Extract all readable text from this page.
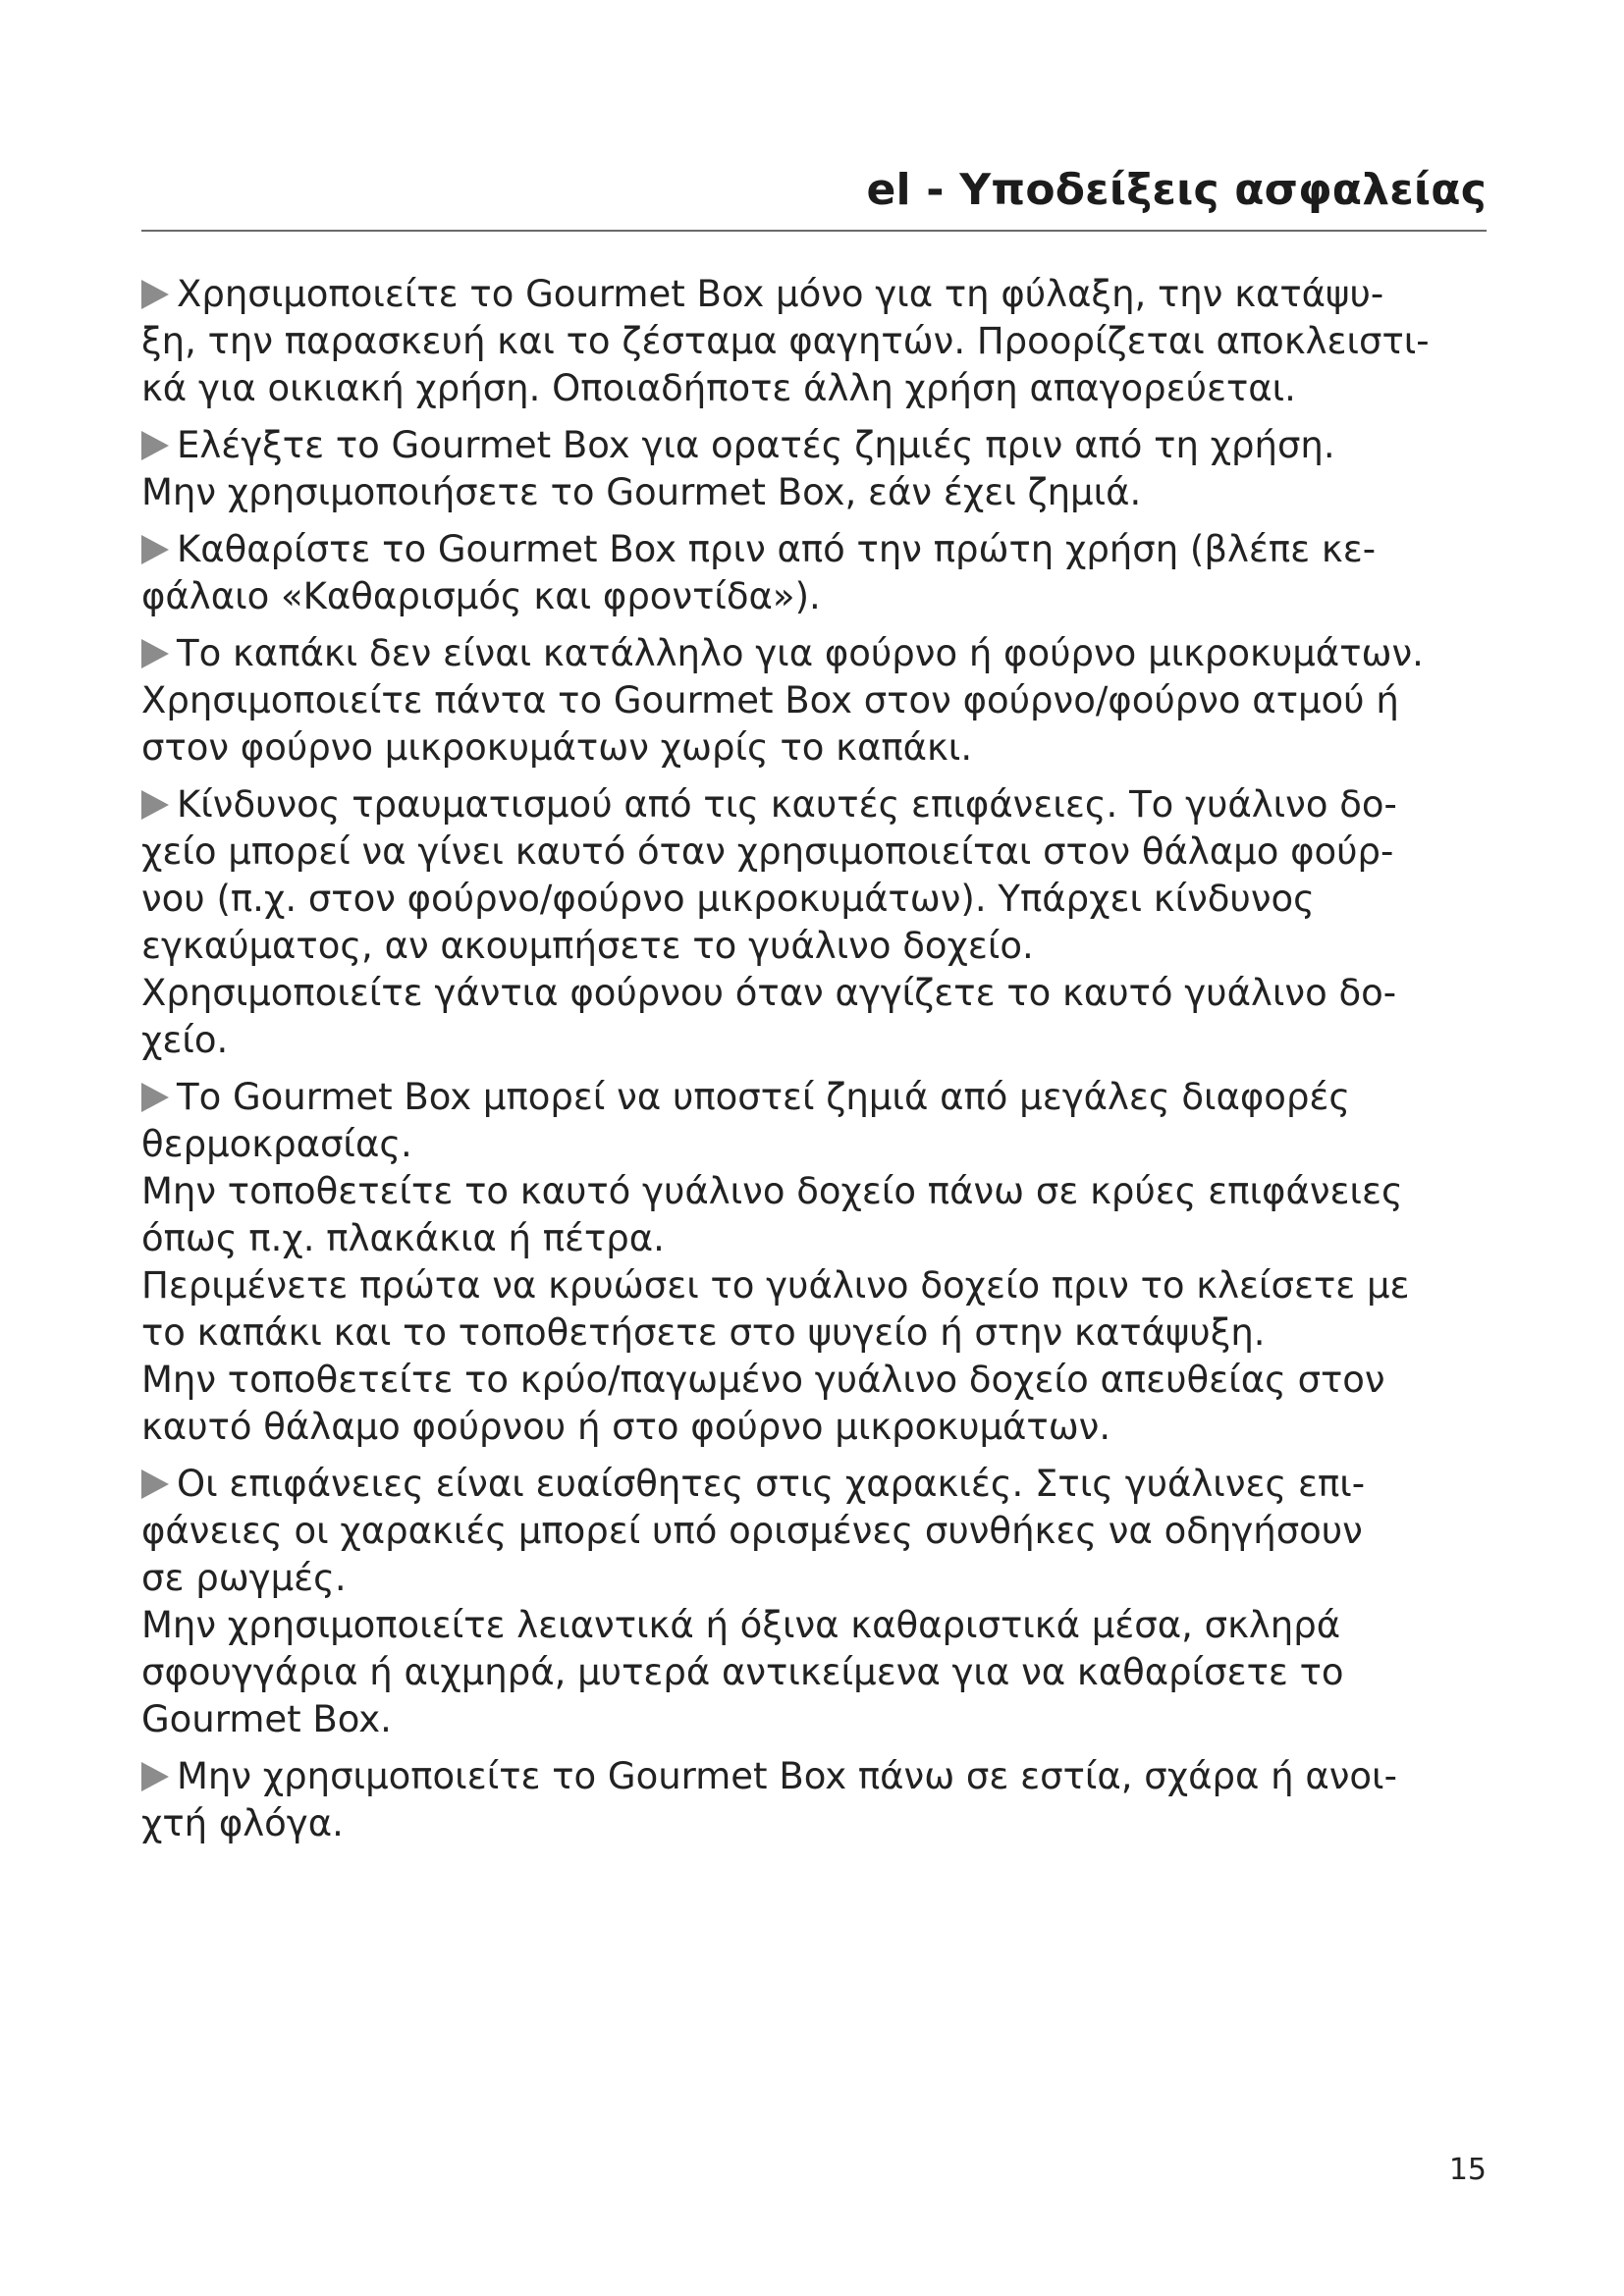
el - Υποδείξεις ασφαλείας
Χρησιμοποιείτε το Gourmet Box μόνο για τη φύλαξη, την κατάψυ-
ξη, την παρασκευή και το ζέσταμα φαγητών. Προορίζεται αποκλειστι-
κά για οικιακή χρήση. Οποιαδήποτε άλλη χρήση απαγορεύεται.
Ελέγξτε το Gourmet Box για ορατές ζημιές πριν από τη χρήση.
Μην χρησιμοποιήσετε το Gourmet Box, εάν έχει ζημιά.
Καθαρίστε το Gourmet Box πριν από την πρώτη χρήση (βλέπε κε-
φάλαιο «Καθαρισμός και φροντίδα»).
Το καπάκι δεν είναι κατάλληλο για φούρνο ή φούρνο μικροκυμάτων.
Χρησιμοποιείτε πάντα το Gourmet Box στον φούρνο/φούρνο ατμού ή
στον φούρνο μικροκυμάτων χωρίς το καπάκι.
Κίνδυνος τραυματισμού από τις καυτές επιφάνειες. Το γυάλινο δο-
χείο μπορεί να γίνει καυτό όταν χρησιμοποιείται στον θάλαμο φούρ-
νου (π.χ. στον φούρνο/φούρνο μικροκυμάτων). Υπάρχει κίνδυνος
εγκαύματος, αν ακουμπήσετε το γυάλινο δοχείο.
Χρησιμοποιείτε γάντια φούρνου όταν αγγίζετε το καυτό γυάλινο δο-
χείο.
Το Gourmet Box μπορεί να υποστεί ζημιά από μεγάλες διαφορές
θερμοκρασίας.
Μην τοποθετείτε το καυτό γυάλινο δοχείο πάνω σε κρύες επιφάνειες
όπως π.χ. πλακάκια ή πέτρα.
Περιμένετε πρώτα να κρυώσει το γυάλινο δοχείο πριν το κλείσετε με
το καπάκι και το τοποθετήσετε στο ψυγείο ή στην κατάψυξη.
Μην τοποθετείτε το κρύο/παγωμένο γυάλινο δοχείο απευθείας στον
καυτό θάλαμο φούρνου ή στο φούρνο μικροκυμάτων.
Οι επιφάνειες είναι ευαίσθητες στις χαρακιές. Στις γυάλινες επι-
φάνειες οι χαρακιές μπορεί υπό ορισμένες συνθήκες να οδηγήσουν
σε ρωγμές.
Μην χρησιμοποιείτε λειαντικά ή όξινα καθαριστικά μέσα, σκληρά
σφουγγάρια ή αιχμηρά, μυτερά αντικείμενα για να καθαρίσετε το
Gourmet Box.
Μην χρησιμοποιείτε το Gourmet Box πάνω σε εστία, σχάρα ή ανοι-
χτή φλόγα.
15
